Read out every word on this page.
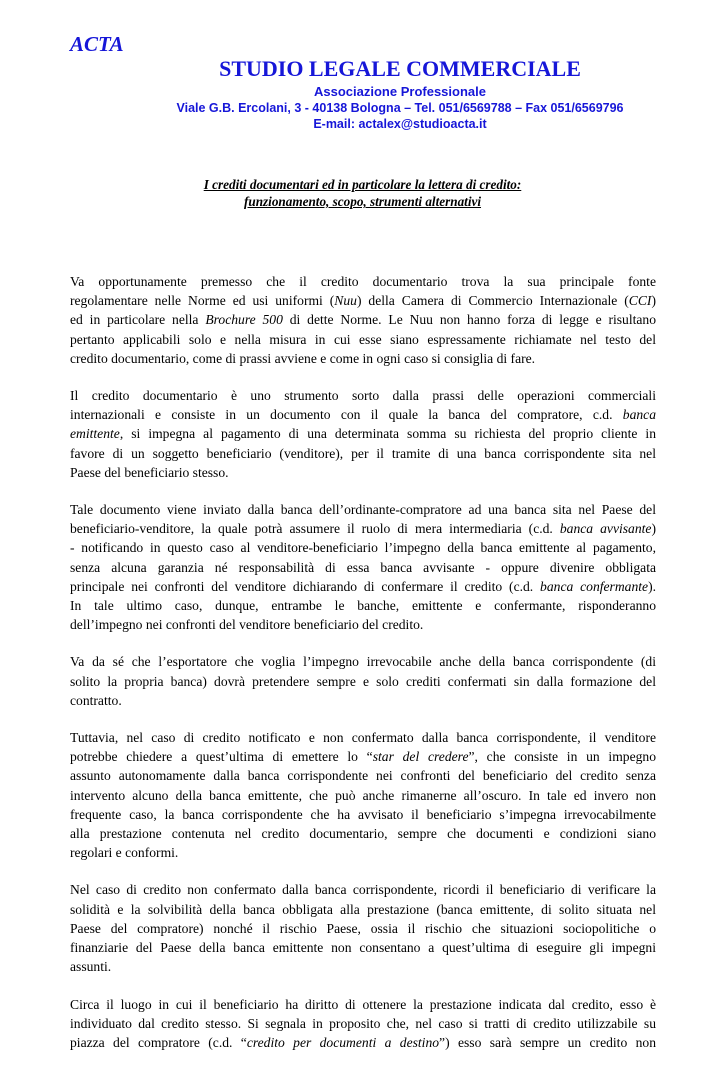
ACTA
STUDIO LEGALE COMMERCIALE
Associazione Professionale
Viale G.B. Ercolani, 3 - 40138 Bologna – Tel. 051/6569788 – Fax 051/6569796
E-mail: actalex@studioacta.it
I crediti documentari ed in particolare la lettera di credito:
funzionamento, scopo, strumenti alternativi

Va opportunamente premesso che il credito documentario trova la sua principale fonte
regolamentare nelle Norme ed usi uniformi (Nuu) della Camera di Commercio Internazionale (CCI)
ed in particolare nella Brochure 500 di dette Norme. Le Nuu non hanno forza di legge e risultano
pertanto applicabili solo e nella misura in cui esse siano espressamente richiamate nel testo del
credito documentario, come di prassi avviene e come in ogni caso si consiglia di fare.

Il credito documentario è uno strumento sorto dalla prassi delle operazioni commerciali
internazionali e consiste in un documento con il quale la banca del compratore, c.d. banca
emittente, si impegna al pagamento di una determinata somma su richiesta del proprio cliente in
favore di un soggetto beneficiario (venditore), per il tramite di una banca corrispondente sita nel
Paese del beneficiario stesso.

Tale documento viene inviato dalla banca dell’ordinante-compratore ad una banca sita nel Paese del
beneficiario-venditore, la quale potrà assumere il ruolo di mera intermediaria (c.d. banca avvisante)
- notificando in questo caso al venditore-beneficiario l’impegno della banca emittente al pagamento,
senza alcuna garanzia né responsabilità di essa banca avvisante - oppure divenire obbligata
principale nei confronti del venditore dichiarando di confermare il credito (c.d. banca confermante).
In tale ultimo caso, dunque, entrambe le banche, emittente e confermante, risponderanno
dell’impegno nei confronti del venditore beneficiario del credito.

Va da sé che l’esportatore che voglia l’impegno irrevocabile anche della banca corrispondente (di
solito la propria banca) dovrà pretendere sempre e solo crediti confermati sin dalla formazione del
contratto.

Tuttavia, nel caso di credito notificato e non confermato dalla banca corrispondente, il venditore
potrebbe chiedere a quest’ultima di emettere lo “star del credere”, che consiste in un impegno
assunto autonomamente dalla banca corrispondente nei confronti del beneficiario del credito senza
intervento alcuno della banca emittente, che può anche rimanerne all’oscuro. In tale ed invero non
frequente caso, la banca corrispondente che ha avvisato il beneficiario s’impegna irrevocabilmente
alla prestazione contenuta nel credito documentario, sempre che documenti e condizioni siano
regolari e conformi.

Nel caso di credito non confermato dalla banca corrispondente, ricordi il beneficiario di verificare la
solidità e la solvibilità della banca obbligata alla prestazione (banca emittente, di solito situata nel
Paese del compratore) nonché il rischio Paese, ossia il rischio che situazioni sociopolitiche o
finanziarie del Paese della banca emittente non consentano a quest’ultima di eseguire gli impegni
assunti.

Circa il luogo in cui il beneficiario ha diritto di ottenere la prestazione indicata dal credito, esso è
individuato dal credito stesso. Si segnala in proposito che, nel caso si tratti di credito utilizzabile su
piazza del compratore (c.d. “credito per documenti a destino”) esso sarà sempre un credito non
